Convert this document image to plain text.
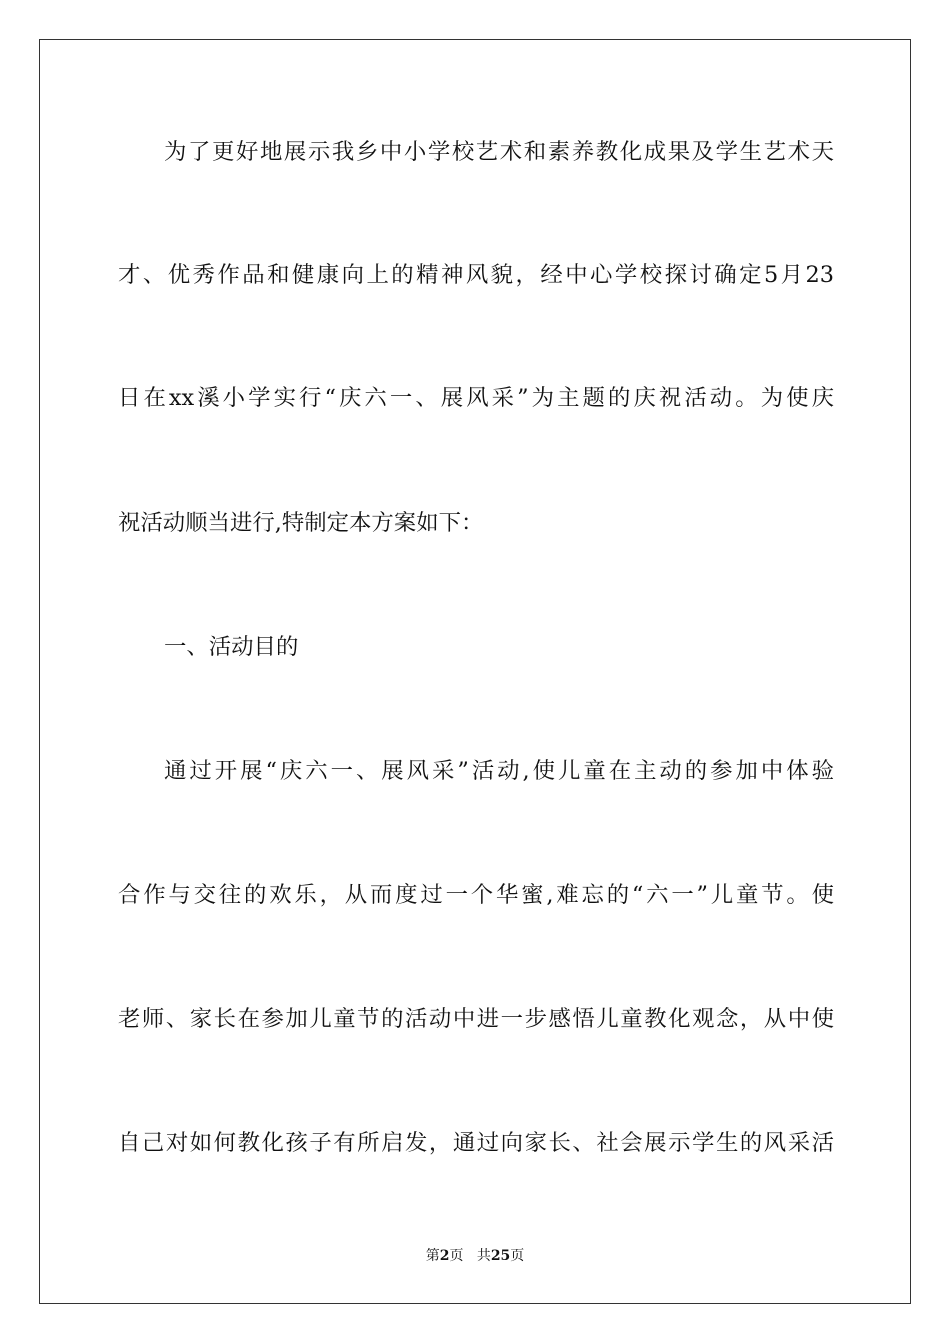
为了更好地展示我乡中小学校艺术和素养教化成果及学生艺术天
才、优秀作品和健康向上的精神风貌，经中心学校探讨确定5月23
日在xx溪小学实行“庆六一、展风采”为主题的庆祝活动。为使庆
祝活动顺当进行,特制定本方案如下：
一、活动目的
通过开展“庆六一、展风采”活动,使儿童在主动的参加中体验
合作与交往的欢乐，从而度过一个华蜜,难忘的“六一”儿童节。使
老师、家长在参加儿童节的活动中进一步感悟儿童教化观念，从中使
自己对如何教化孩子有所启发，通过向家长、社会展示学生的风采活
第2页 共25页
